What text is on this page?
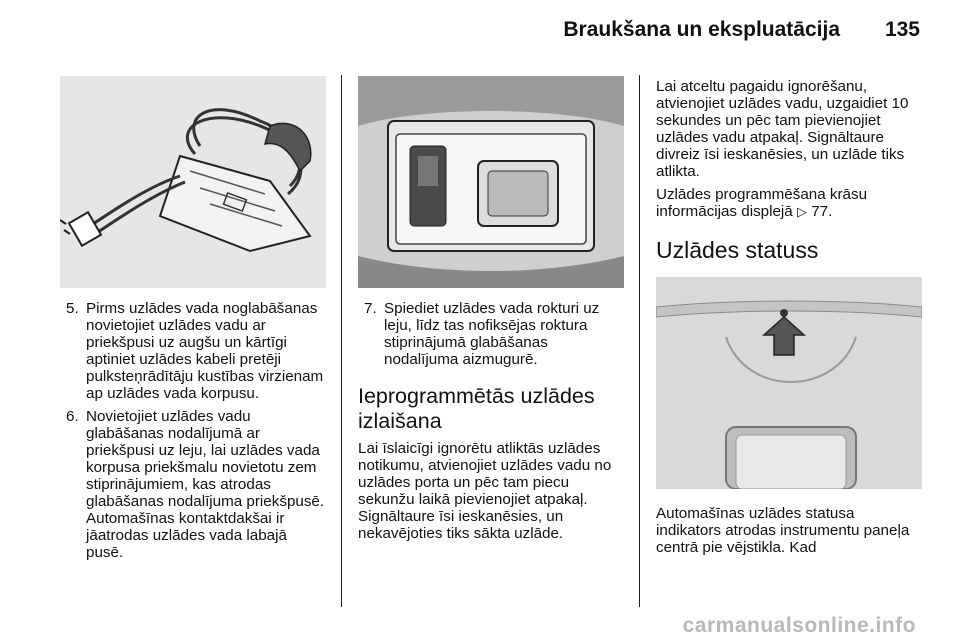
Braukšana un ekspluatācija 135
5. Pirms uzlādes vada noglabāšanas novietojiet uzlādes vadu ar priekšpusi uz augšu un kārtīgi aptiniet uzlādes kabeli pretēji pulksteņrādītāju kustības virzienam ap uzlādes vada korpusu.
6. Novietojiet uzlādes vadu glabāšanas nodalījumā ar priekšpusi uz leju, lai uzlādes vada korpusa priekšmalu novietotu zem stiprinājumiem, kas atrodas glabāšanas nodalījuma priekšpusē. Automašīnas kontaktdakšai ir jāatrodas uzlādes vada labajā pusē.
7. Spiediet uzlādes vada rokturi uz leju, līdz tas nofiksējas roktura stiprinājumā glabāšanas nodalījuma aizmugurē.
Ieprogrammētās uzlādes izlaišana

Lai īslaicīgi ignorētu atliktās uzlādes notikumu, atvienojiet uzlādes vadu no uzlādes porta un pēc tam piecu sekunžu laikā pievienojiet atpakaļ. Signāltaure īsi ieskanēsies, un nekavējoties tiks sākta uzlāde.

Lai atceltu pagaidu ignorēšanu, atvienojiet uzlādes vadu, uzgaidiet 10 sekundes un pēc tam pievienojiet uzlādes vadu atpakaļ. Signāltaure divreiz īsi ieskanēsies, un uzlāde tiks atlikta.

Uzlādes programmēšana krāsu informācijas displejā ▷ 77.

Uzlādes statuss

Automašīnas uzlādes statusa indikators atrodas instrumentu paneļa centrā pie vējstikla. Kad

carmanualsonline.info
